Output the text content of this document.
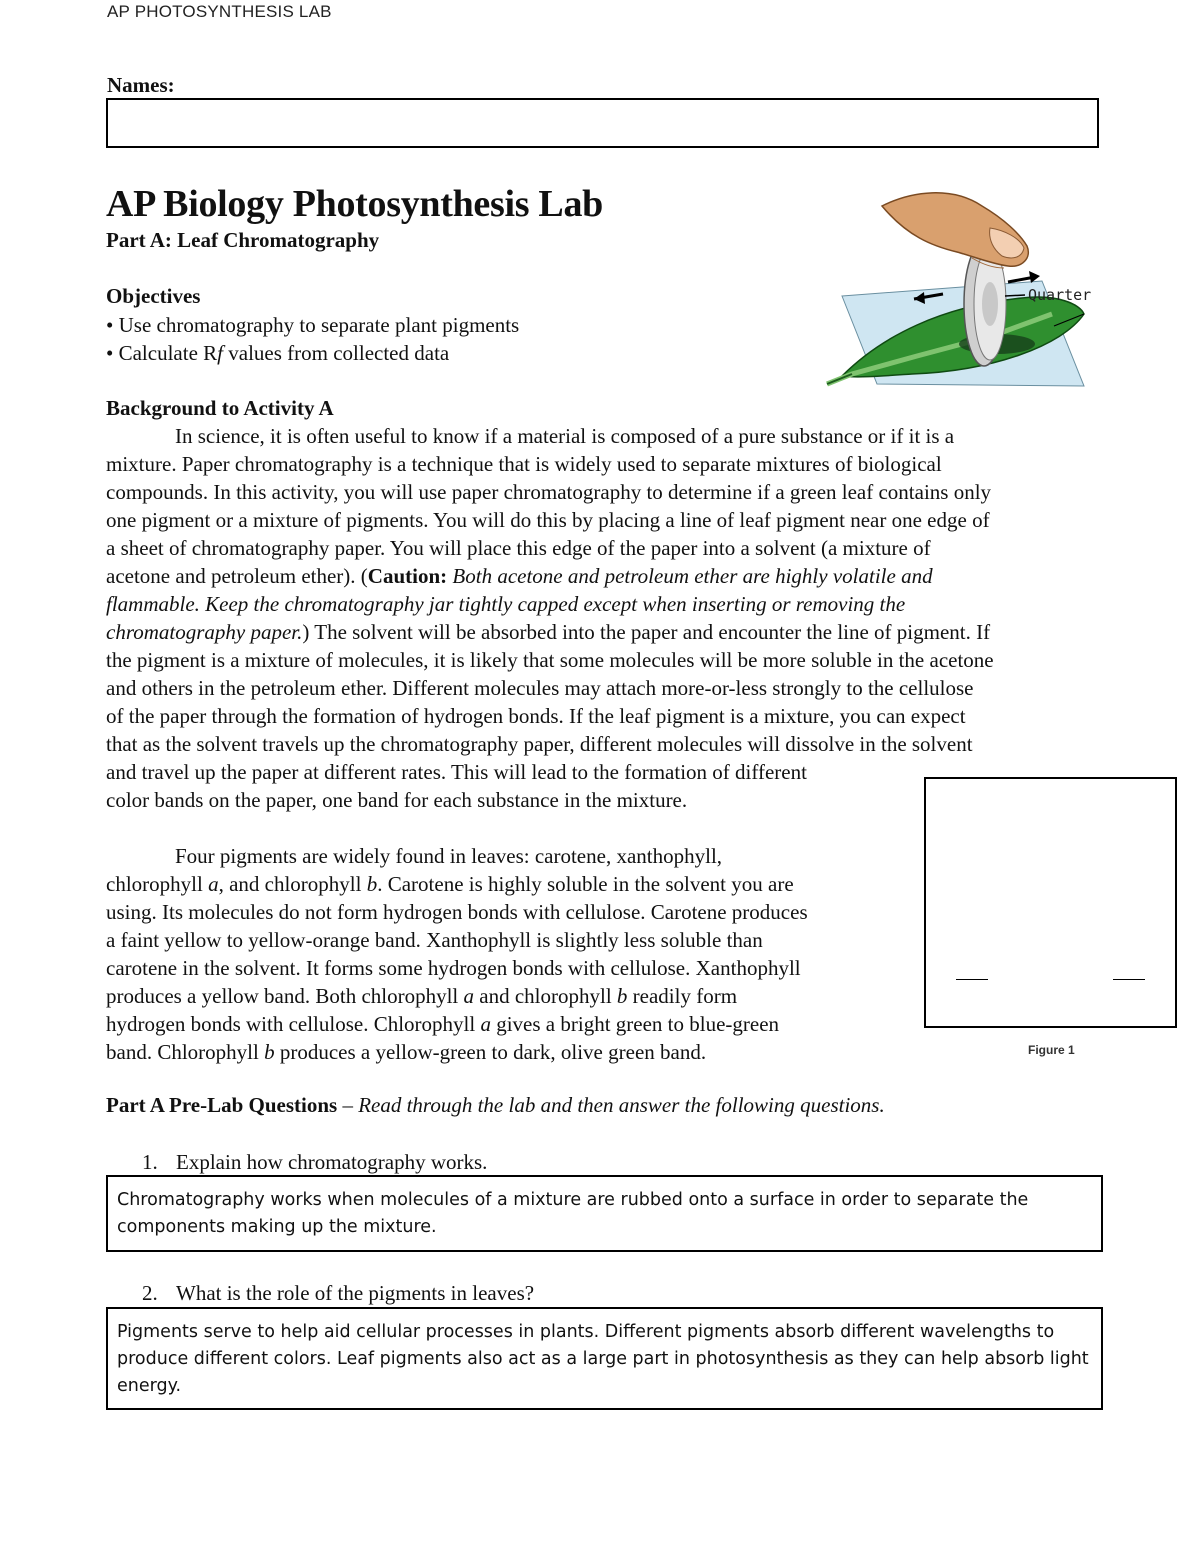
AP PHOTOSYNTHESIS LAB
Names:
AP Biology Photosynthesis Lab
Part A: Leaf Chromatography
Objectives
• Use chromatography to separate plant pigments
• Calculate Rf values from collected data
Quarter
Background to Activity A
In science, it is often useful to know if a material is composed of a pure substance or if it is a
mixture. Paper chromatography is a technique that is widely used to separate mixtures of biological
compounds. In this activity, you will use paper chromatography to determine if a green leaf contains only
one pigment or a mixture of pigments. You will do this by placing a line of leaf pigment near one edge of
a sheet of chromatography paper. You will place this edge of the paper into a solvent (a mixture of
acetone and petroleum ether). (Caution: Both acetone and petroleum ether are highly volatile and
flammable. Keep the chromatography jar tightly capped except when inserting or removing the
chromatography paper.) The solvent will be absorbed into the paper and encounter the line of pigment. If
the pigment is a mixture of molecules, it is likely that some molecules will be more soluble in the acetone
and others in the petroleum ether. Different molecules may attach more-or-less strongly to the cellulose
of the paper through the formation of hydrogen bonds. If the leaf pigment is a mixture, you can expect
that as the solvent travels up the chromatography paper, different molecules will dissolve in the solvent
and travel up the paper at different rates. This will lead to the formation of different
color bands on the paper, one band for each substance in the mixture.
Four pigments are widely found in leaves: carotene, xanthophyll,
chlorophyll a, and chlorophyll b. Carotene is highly soluble in the solvent you are
using. Its molecules do not form hydrogen bonds with cellulose. Carotene produces
a faint yellow to yellow-orange band. Xanthophyll is slightly less soluble than
carotene in the solvent. It forms some hydrogen bonds with cellulose. Xanthophyll
produces a yellow band. Both chlorophyll a and chlorophyll b readily form
hydrogen bonds with cellulose. Chlorophyll a gives a bright green to blue-green
band. Chlorophyll b produces a yellow-green to dark, olive green band.	Figure 1
Part A Pre-Lab Questions – Read through the lab and then answer the following questions.
1. Explain how chromatography works.
Chromatography works when molecules of a mixture are rubbed onto a surface in order to separate the
components making up the mixture.
2. What is the role of the pigments in leaves?
Pigments serve to help aid cellular processes in plants. Different pigments absorb different wavelengths to
produce different colors. Leaf pigments also act as a large part in photosynthesis as they can help absorb light
energy.
